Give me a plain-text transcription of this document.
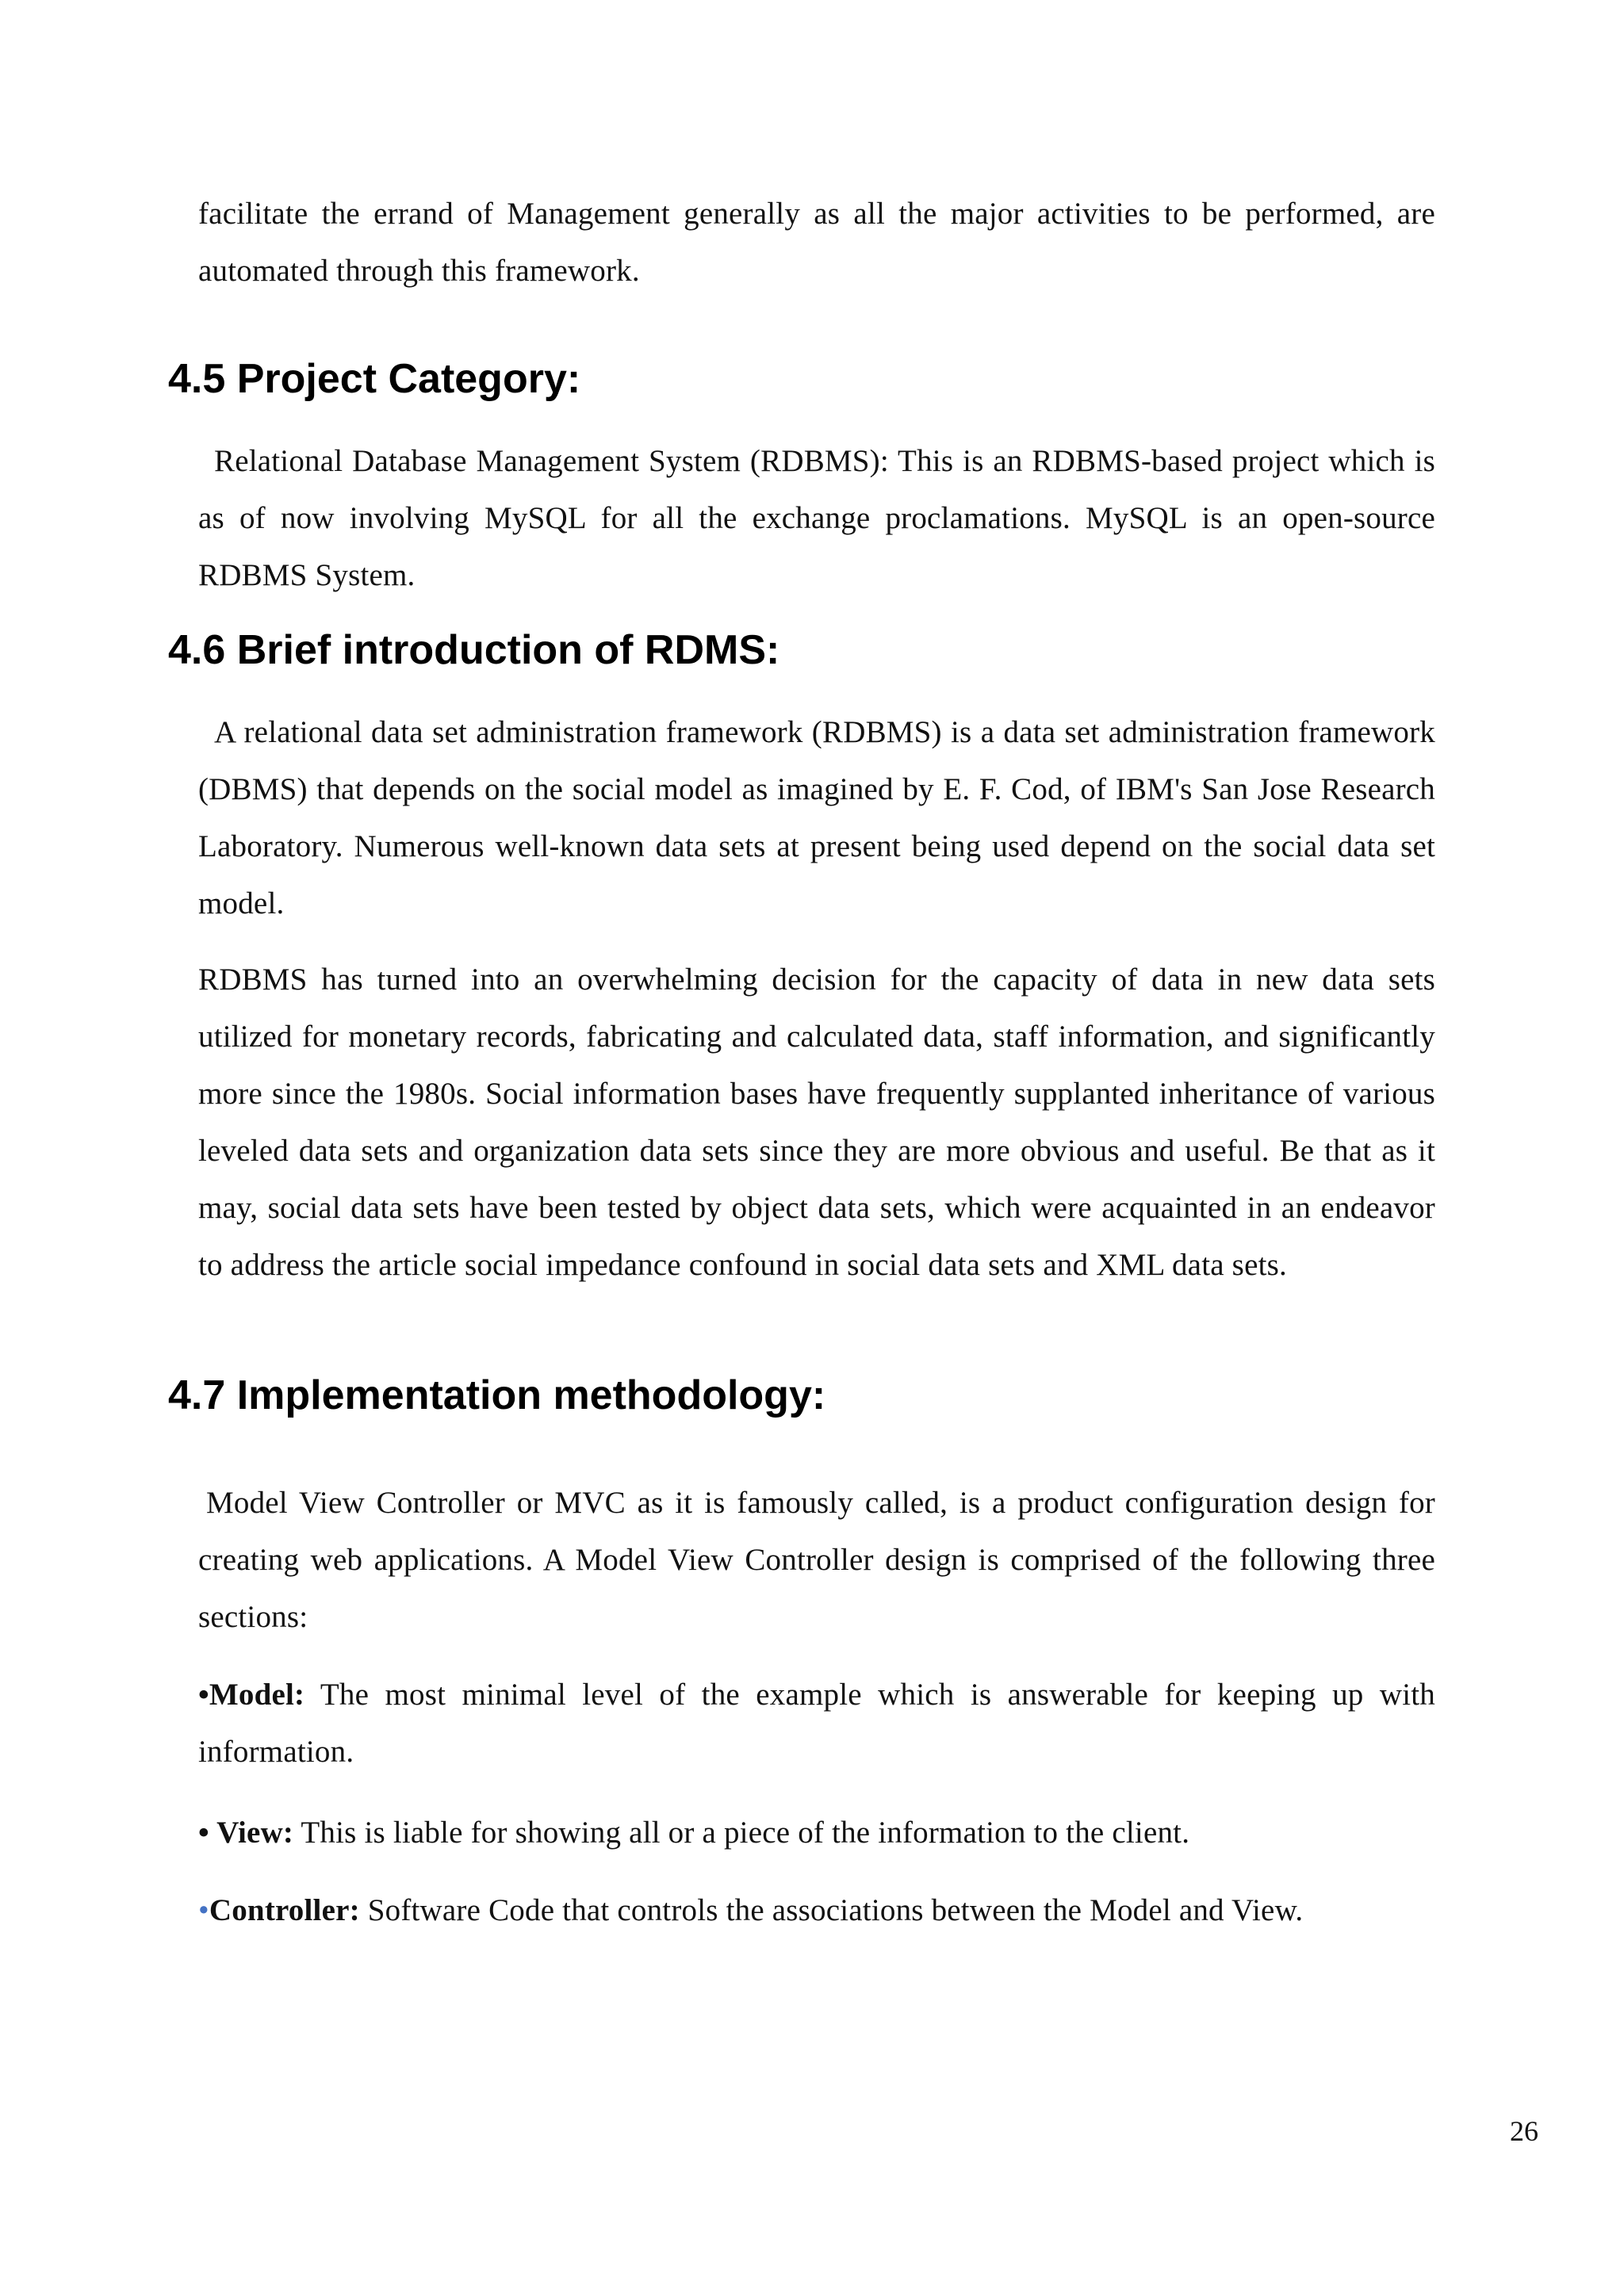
facilitate the errand of Management generally as all the major activities to be performed, are automated through this framework.

4.5 Project Category:

Relational Database Management System (RDBMS): This is an RDBMS-based project which is as of now involving MySQL for all the exchange proclamations. MySQL is an open-source RDBMS System.

4.6 Brief introduction of RDMS:

A relational data set administration framework (RDBMS) is a data set administration framework (DBMS) that depends on the social model as imagined by E. F. Cod, of IBM's San Jose Research Laboratory. Numerous well-known data sets at present being used depend on the social data set model.

RDBMS has turned into an overwhelming decision for the capacity of data in new data sets utilized for monetary records, fabricating and calculated data, staff information, and significantly more since the 1980s. Social information bases have frequently supplanted inheritance of various leveled data sets and organization data sets since they are more obvious and useful. Be that as it may, social data sets have been tested by object data sets, which were acquainted in an endeavor to address the article social impedance confound in social data sets and XML data sets.

4.7 Implementation methodology:

Model View Controller or MVC as it is famously called, is a product configuration design for creating web applications. A Model View Controller design is comprised of the following three sections:

•Model: The most minimal level of the example which is answerable for keeping up with information.

• View: This is liable for showing all or a piece of the information to the client.

•Controller: Software Code that controls the associations between the Model and View.

26
